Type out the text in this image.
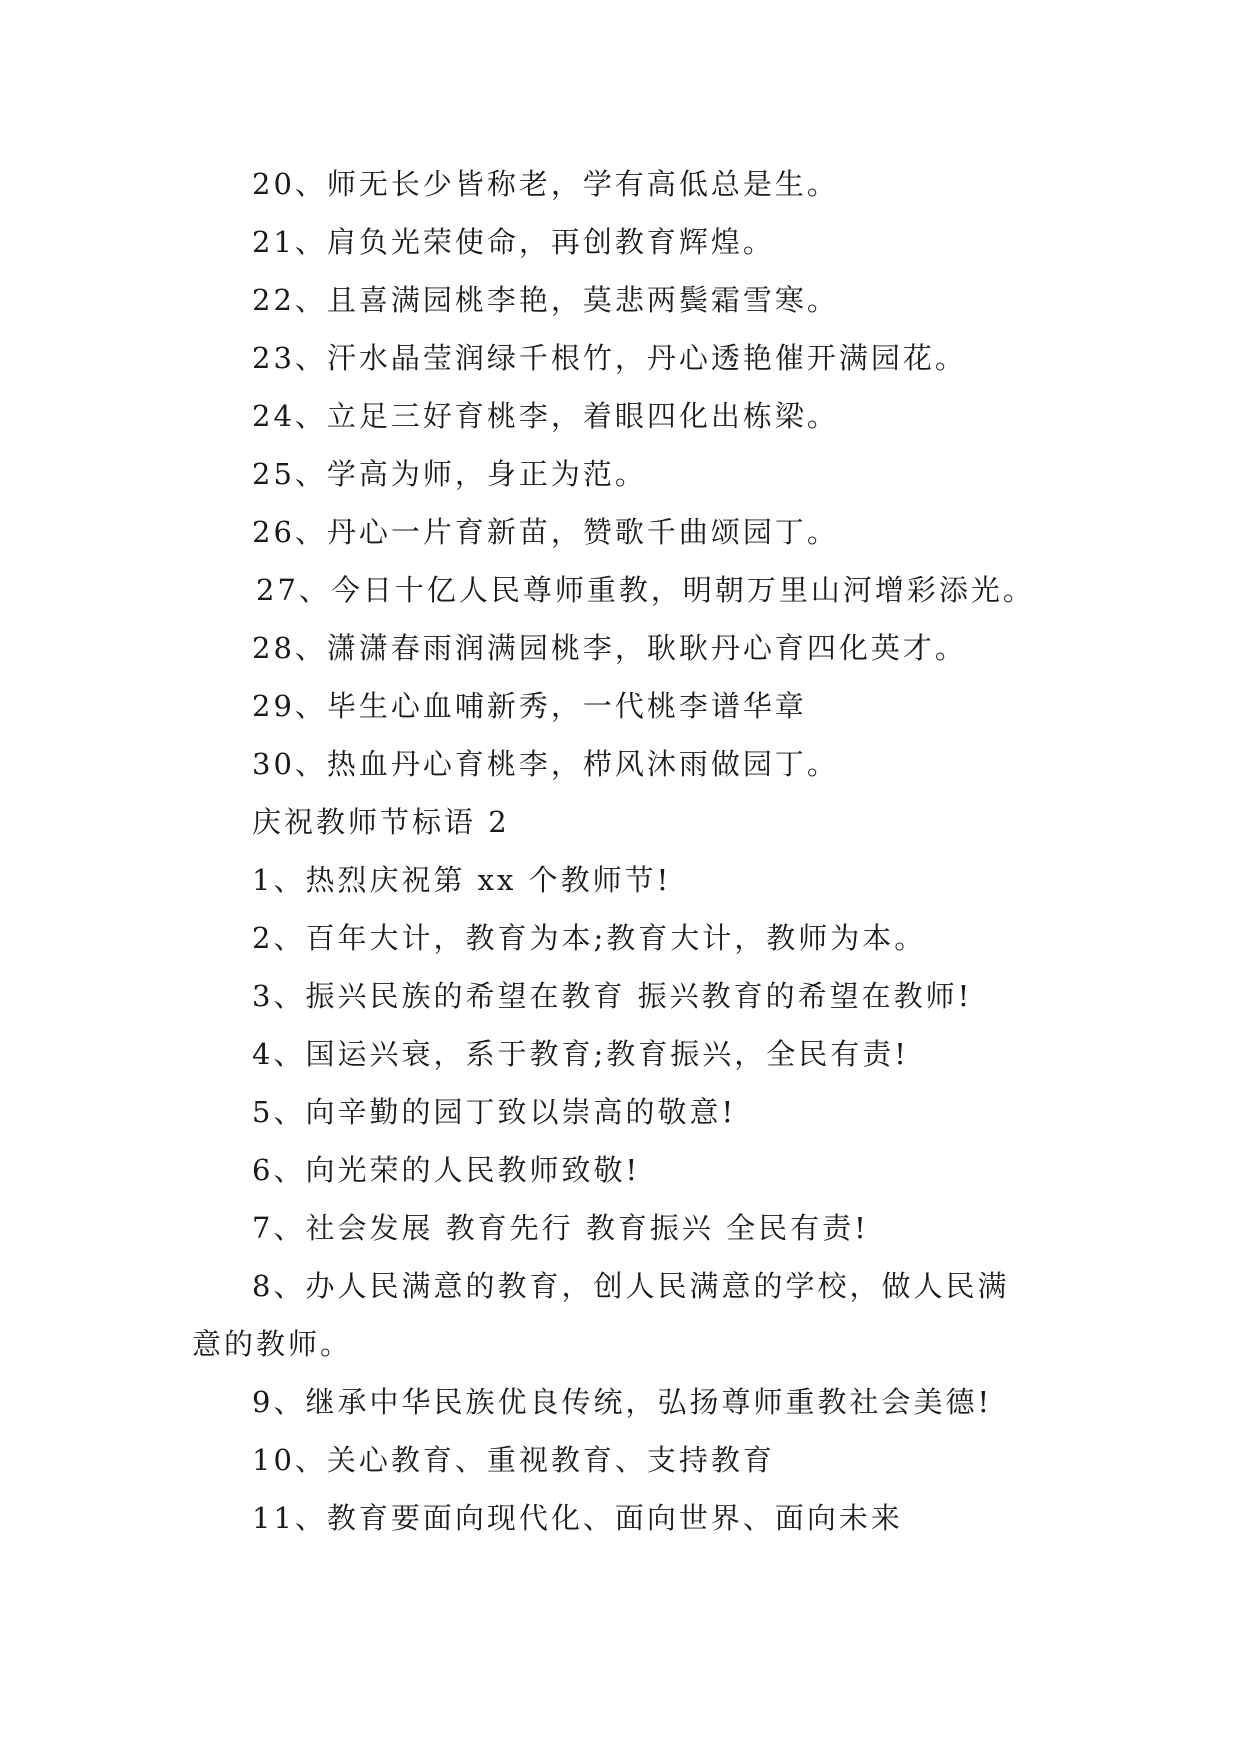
20、师无长少皆称老，学有高低总是生。
21、肩负光荣使命，再创教育辉煌。
22、且喜满园桃李艳，莫悲两鬓霜雪寒。
23、汗水晶莹润绿千根竹，丹心透艳催开满园花。
24、立足三好育桃李，着眼四化出栋梁。
25、学高为师，身正为范。
26、丹心一片育新苗，赞歌千曲颂园丁。
27、今日十亿人民尊师重教，明朝万里山河增彩添光。
28、潇潇春雨润满园桃李，耿耿丹心育四化英才。
29、毕生心血哺新秀，一代桃李谱华章
30、热血丹心育桃李，栉风沐雨做园丁。
庆祝教师节标语 2
1、热烈庆祝第 xx 个教师节!
2、百年大计，教育为本;教育大计，教师为本。
3、振兴民族的希望在教育 振兴教育的希望在教师!
4、国运兴衰，系于教育;教育振兴，全民有责!
5、向辛勤的园丁致以崇高的敬意!
6、向光荣的人民教师致敬!
7、社会发展 教育先行 教育振兴 全民有责!
8、办人民满意的教育，创人民满意的学校，做人民满
意的教师。
9、继承中华民族优良传统，弘扬尊师重教社会美德!
10、关心教育、重视教育、支持教育
11、教育要面向现代化、面向世界、面向未来
